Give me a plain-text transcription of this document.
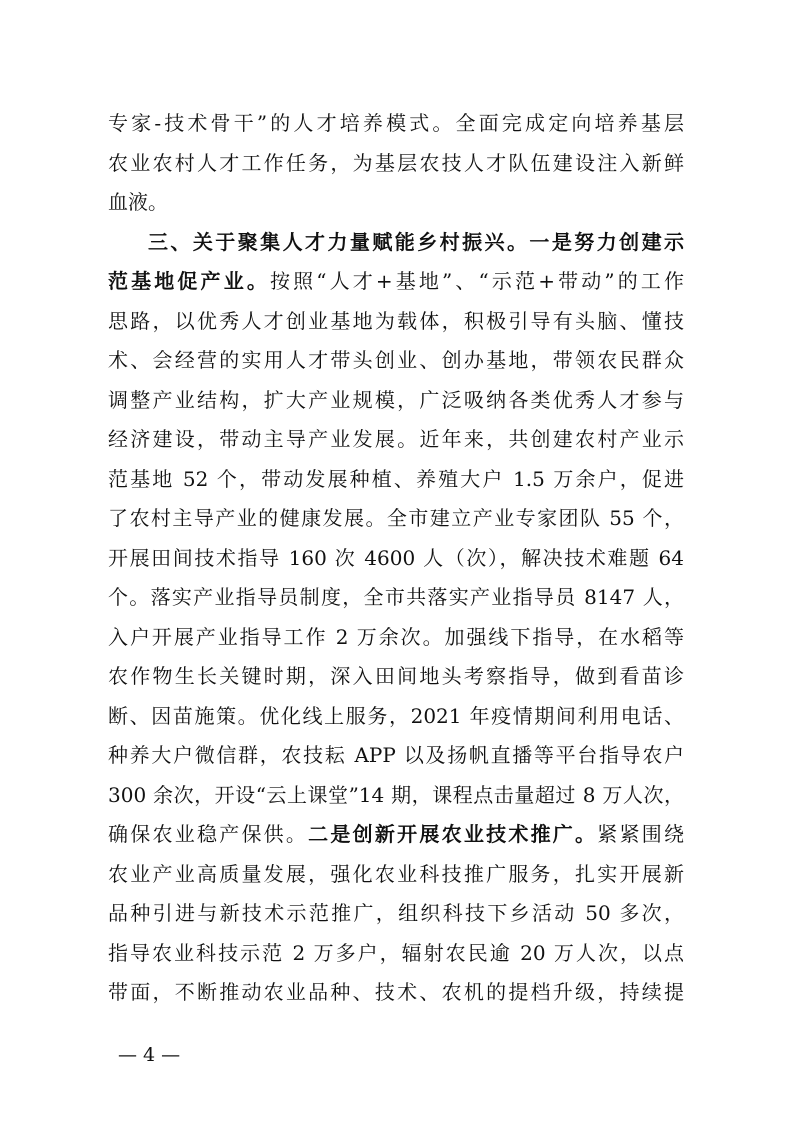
专家-技术骨干”的人才培养模式。全面完成定向培养基层
农业农村人才工作任务，为基层农技人才队伍建设注入新鲜
血液。
三、关于聚集人才力量赋能乡村振兴。一是努力创建示
范基地促产业。按照“人才+基地”、“示范+带动”的工作
思路，以优秀人才创业基地为载体，积极引导有头脑、懂技
术、会经营的实用人才带头创业、创办基地，带领农民群众
调整产业结构，扩大产业规模，广泛吸纳各类优秀人才参与
经济建设，带动主导产业发展。近年来，共创建农村产业示
范基地 52 个，带动发展种植、养殖大户 1.5 万余户，促进
了农村主导产业的健康发展。全市建立产业专家团队 55 个，
开展田间技术指导 160 次 4600 人（次），解决技术难题 64
个。落实产业指导员制度，全市共落实产业指导员 8147 人，
入户开展产业指导工作 2 万余次。加强线下指导，在水稻等
农作物生长关键时期，深入田间地头考察指导，做到看苗诊
断、因苗施策。优化线上服务，2021 年疫情期间利用电话、
种养大户微信群，农技耘 APP 以及扬帆直播等平台指导农户
300 余次，开设“云上课堂”14 期，课程点击量超过 8 万人次，
确保农业稳产保供。二是创新开展农业技术推广。紧紧围绕
农业产业高质量发展，强化农业科技推广服务，扎实开展新
品种引进与新技术示范推广，组织科技下乡活动 50 多次，
指导农业科技示范 2 万多户，辐射农民逾 20 万人次，以点
带面，不断推动农业品种、技术、农机的提档升级，持续提
— 4 —
